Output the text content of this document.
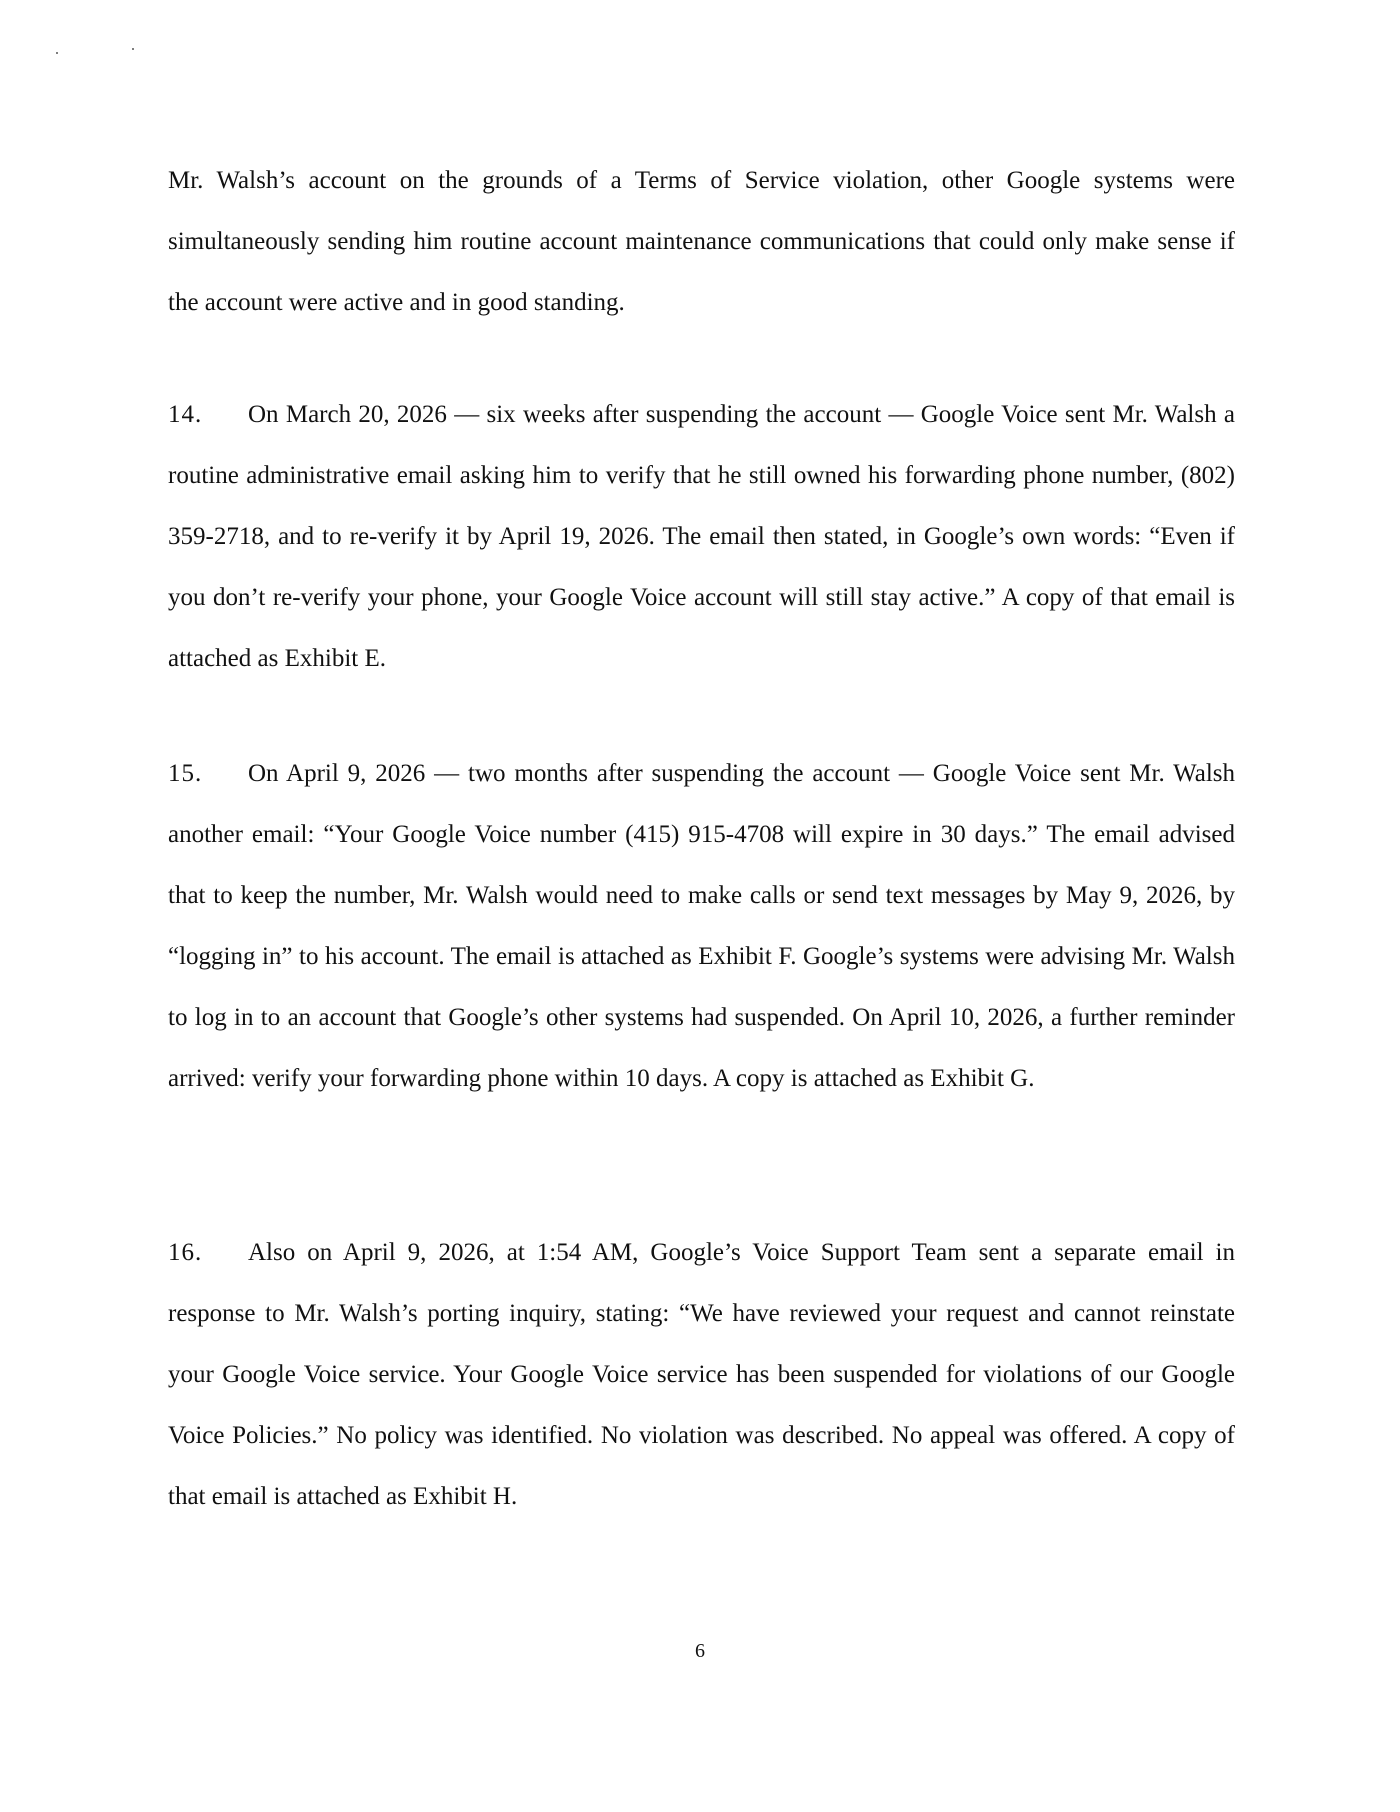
Mr. Walsh’s account on the grounds of a Terms of Service violation, other Google systems were simultaneously sending him routine account maintenance communications that could only make sense if the account were active and in good standing.

14. On March 20, 2026 — six weeks after suspending the account — Google Voice sent Mr. Walsh a routine administrative email asking him to verify that he still owned his forwarding phone number, (802) 359-2718, and to re-verify it by April 19, 2026. The email then stated, in Google’s own words: “Even if you don’t re-verify your phone, your Google Voice account will still stay active.” A copy of that email is attached as Exhibit E.

15. On April 9, 2026 — two months after suspending the account — Google Voice sent Mr. Walsh another email: “Your Google Voice number (415) 915-4708 will expire in 30 days.” The email advised that to keep the number, Mr. Walsh would need to make calls or send text messages by May 9, 2026, by “logging in” to his account. The email is attached as Exhibit F. Google’s systems were advising Mr. Walsh to log in to an account that Google’s other systems had suspended. On April 10, 2026, a further reminder arrived: verify your forwarding phone within 10 days. A copy is attached as Exhibit G.

16. Also on April 9, 2026, at 1:54 AM, Google’s Voice Support Team sent a separate email in response to Mr. Walsh’s porting inquiry, stating: “We have reviewed your request and cannot reinstate your Google Voice service. Your Google Voice service has been suspended for violations of our Google Voice Policies.” No policy was identified. No violation was described. No appeal was offered. A copy of that email is attached as Exhibit H.

6
